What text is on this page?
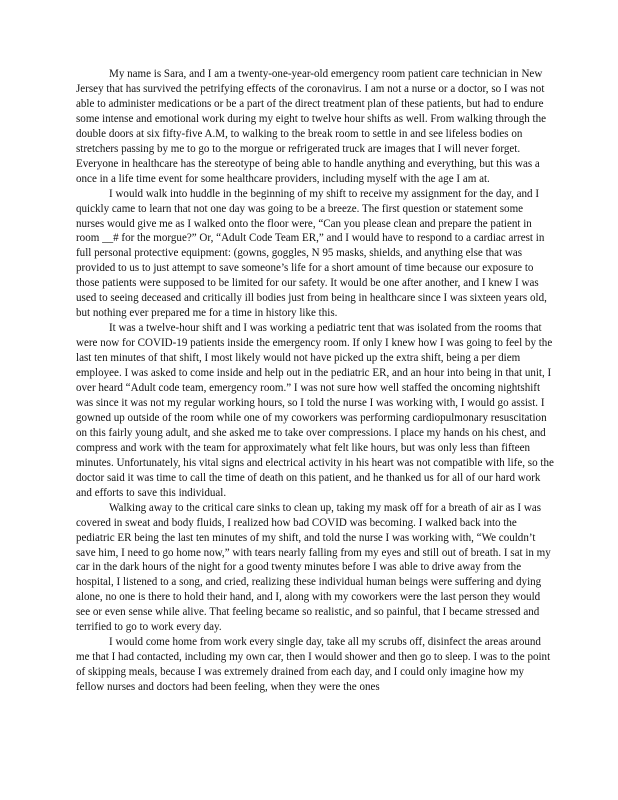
My name is Sara, and I am a twenty-one-year-old emergency room patient care technician in New Jersey that has survived the petrifying effects of the coronavirus. I am not a nurse or a doctor, so I was not able to administer medications or be a part of the direct treatment plan of these patients, but had to endure some intense and emotional work during my eight to twelve hour shifts as well. From walking through the double doors at six fifty-five A.M, to walking to the break room to settle in and see lifeless bodies on stretchers passing by me to go to the morgue or refrigerated truck are images that I will never forget. Everyone in healthcare has the stereotype of being able to handle anything and everything, but this was a once in a life time event for some healthcare providers, including myself with the age I am at.

I would walk into huddle in the beginning of my shift to receive my assignment for the day, and I quickly came to learn that not one day was going to be a breeze. The first question or statement some nurses would give me as I walked onto the floor were, “Can you please clean and prepare the patient in room __# for the morgue?” Or, “Adult Code Team ER,” and I would have to respond to a cardiac arrest in full personal protective equipment: (gowns, goggles, N 95 masks, shields, and anything else that was provided to us to just attempt to save someone’s life for a short amount of time because our exposure to those patients were supposed to be limited for our safety. It would be one after another, and I knew I was used to seeing deceased and critically ill bodies just from being in healthcare since I was sixteen years old, but nothing ever prepared me for a time in history like this.

It was a twelve-hour shift and I was working a pediatric tent that was isolated from the rooms that were now for COVID-19 patients inside the emergency room. If only I knew how I was going to feel by the last ten minutes of that shift, I most likely would not have picked up the extra shift, being a per diem employee. I was asked to come inside and help out in the pediatric ER, and an hour into being in that unit, I over heard “Adult code team, emergency room.” I was not sure how well staffed the oncoming nightshift was since it was not my regular working hours, so I told the nurse I was working with, I would go assist. I gowned up outside of the room while one of my coworkers was performing cardiopulmonary resuscitation on this fairly young adult, and she asked me to take over compressions. I place my hands on his chest, and compress and work with the team for approximately what felt like hours, but was only less than fifteen minutes. Unfortunately, his vital signs and electrical activity in his heart was not compatible with life, so the doctor said it was time to call the time of death on this patient, and he thanked us for all of our hard work and efforts to save this individual.

Walking away to the critical care sinks to clean up, taking my mask off for a breath of air as I was covered in sweat and body fluids, I realized how bad COVID was becoming. I walked back into the pediatric ER being the last ten minutes of my shift, and told the nurse I was working with, “We couldn’t save him, I need to go home now,” with tears nearly falling from my eyes and still out of breath. I sat in my car in the dark hours of the night for a good twenty minutes before I was able to drive away from the hospital, I listened to a song, and cried, realizing these individual human beings were suffering and dying alone, no one is there to hold their hand, and I, along with my coworkers were the last person they would see or even sense while alive. That feeling became so realistic, and so painful, that I became stressed and terrified to go to work every day.

I would come home from work every single day, take all my scrubs off, disinfect the areas around me that I had contacted, including my own car, then I would shower and then go to sleep. I was to the point of skipping meals, because I was extremely drained from each day, and I could only imagine how my fellow nurses and doctors had been feeling, when they were the ones
